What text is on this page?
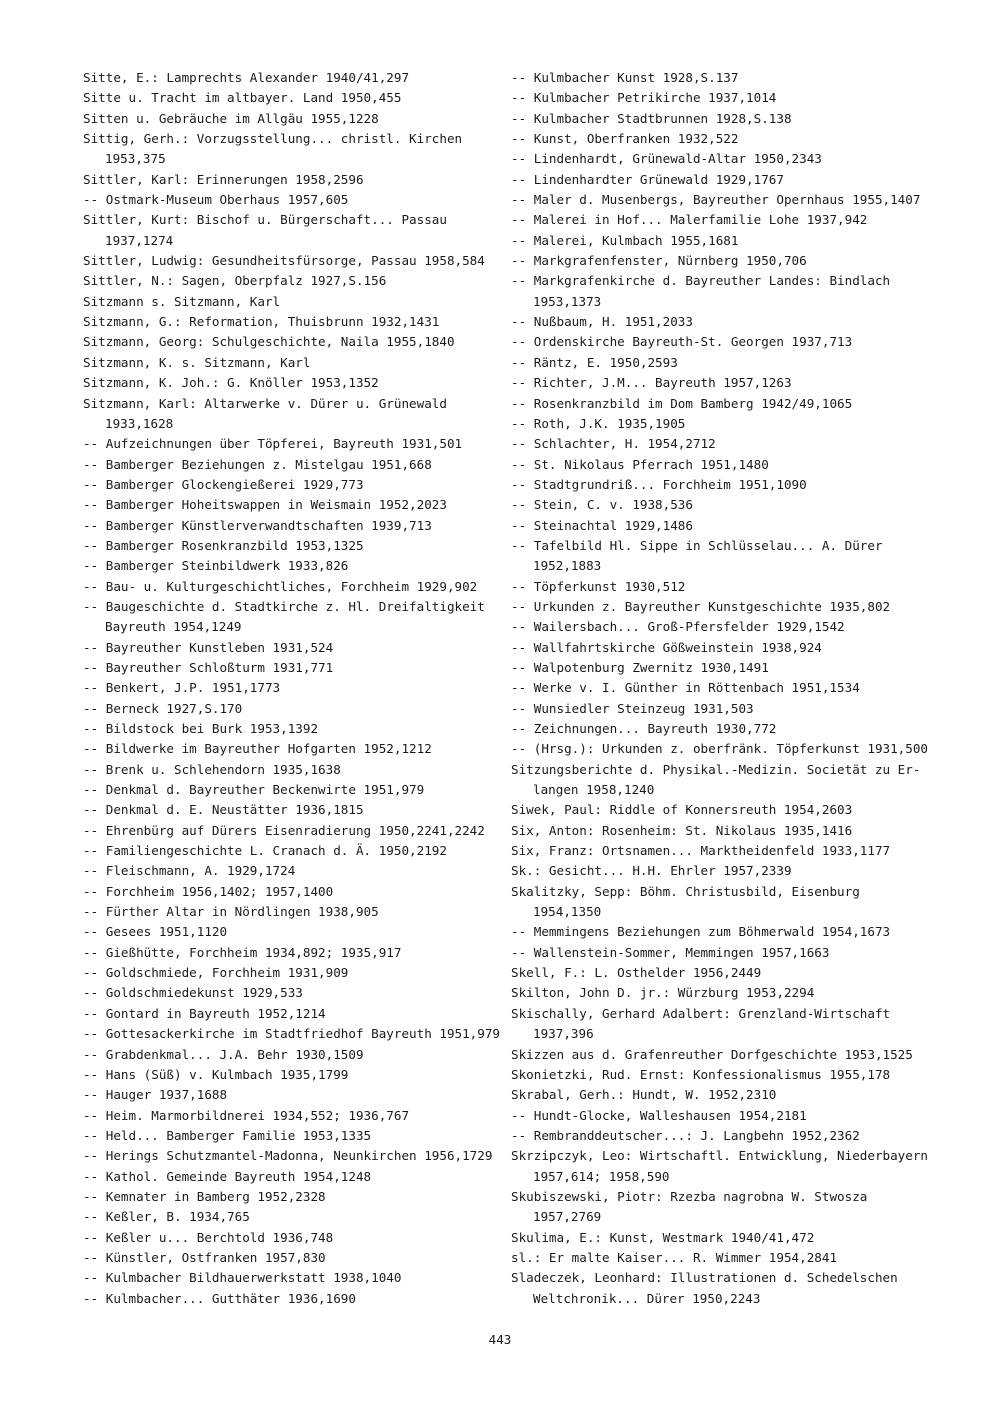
Sitte, E.: Lamprechts Alexander 1940/41,297
Sitte u. Tracht im altbayer. Land 1950,455
Sitten u. Gebräuche im Allgäu 1955,1228
Sittig, Gerh.: Vorzugsstellung... christl. Kirchen
1953,375
Sittler, Karl: Erinnerungen 1958,2596
-- Ostmark-Museum Oberhaus 1957,605
Sittler, Kurt: Bischof u. Bürgerschaft... Passau
1937,1274
Sittler, Ludwig: Gesundheitsfürsorge, Passau 1958,584
Sittler, N.: Sagen, Oberpfalz 1927,S.156
Sitzmann s. Sitzmann, Karl
Sitzmann, G.: Reformation, Thuisbrunn 1932,1431
Sitzmann, Georg: Schulgeschichte, Naila 1955,1840
Sitzmann, K. s. Sitzmann, Karl
Sitzmann, K. Joh.: G. Knöller 1953,1352
Sitzmann, Karl: Altarwerke v. Dürer u. Grünewald
1933,1628
-- Aufzeichnungen über Töpferei, Bayreuth 1931,501
-- Bamberger Beziehungen z. Mistelgau 1951,668
-- Bamberger Glockengießerei 1929,773
-- Bamberger Hoheitswappen in Weismain 1952,2023
-- Bamberger Künstlerverwandtschaften 1939,713
-- Bamberger Rosenkranzbild 1953,1325
-- Bamberger Steinbildwerk 1933,826
-- Bau- u. Kulturgeschichtliches, Forchheim 1929,902
-- Baugeschichte d. Stadtkirche z. Hl. Dreifaltigkeit
Bayreuth 1954,1249
-- Bayreuther Kunstleben 1931,524
-- Bayreuther Schloßturm 1931,771
-- Benkert, J.P. 1951,1773
-- Berneck 1927,S.170
-- Bildstock bei Burk 1953,1392
-- Bildwerke im Bayreuther Hofgarten 1952,1212
-- Brenk u. Schlehendorn 1935,1638
-- Denkmal d. Bayreuther Beckenwirte 1951,979
-- Denkmal d. E. Neustätter 1936,1815
-- Ehrenbürg auf Dürers Eisenradierung 1950,2241,2242
-- Familiengeschichte L. Cranach d. Ä. 1950,2192
-- Fleischmann, A. 1929,1724
-- Forchheim 1956,1402; 1957,1400
-- Fürther Altar in Nördlingen 1938,905
-- Gesees 1951,1120
-- Gießhütte, Forchheim 1934,892; 1935,917
-- Goldschmiede, Forchheim 1931,909
-- Goldschmiedekunst 1929,533
-- Gontard in Bayreuth 1952,1214
-- Gottesackerkirche im Stadtfriedhof Bayreuth 1951,979
-- Grabdenkmal... J.A. Behr 1930,1509
-- Hans (Süß) v. Kulmbach 1935,1799
-- Hauger 1937,1688
-- Heim. Marmorbildnerei 1934,552; 1936,767
-- Held... Bamberger Familie 1953,1335
-- Herings Schutzmantel-Madonna, Neunkirchen 1956,1729
-- Kathol. Gemeinde Bayreuth 1954,1248
-- Kemnater in Bamberg 1952,2328
-- Keßler, B. 1934,765
-- Keßler u... Berchtold 1936,748
-- Künstler, Ostfranken 1957,830
-- Kulmbacher Bildhauerwerkstatt 1938,1040
-- Kulmbacher... Gutthäter 1936,1690
-- Kulmbacher Kunst 1928,S.137
-- Kulmbacher Petrikirche 1937,1014
-- Kulmbacher Stadtbrunnen 1928,S.138
-- Kunst, Oberfranken 1932,522
-- Lindenhardt, Grünewald-Altar 1950,2343
-- Lindenhardter Grünewald 1929,1767
-- Maler d. Musenbergs, Bayreuther Opernhaus 1955,1407
-- Malerei in Hof... Malerfamilie Lohe 1937,942
-- Malerei, Kulmbach 1955,1681
-- Markgrafenfenster, Nürnberg 1950,706
-- Markgrafenkirche d. Bayreuther Landes: Bindlach
1953,1373
-- Nußbaum, H. 1951,2033
-- Ordenskirche Bayreuth-St. Georgen 1937,713
-- Räntz, E. 1950,2593
-- Richter, J.M... Bayreuth 1957,1263
-- Rosenkranzbild im Dom Bamberg 1942/49,1065
-- Roth, J.K. 1935,1905
-- Schlachter, H. 1954,2712
-- St. Nikolaus Pferrach 1951,1480
-- Stadtgrundriß... Forchheim 1951,1090
-- Stein, C. v. 1938,536
-- Steinachtal 1929,1486
-- Tafelbild Hl. Sippe in Schlüsselau... A. Dürer
1952,1883
-- Töpferkunst 1930,512
-- Urkunden z. Bayreuther Kunstgeschichte 1935,802
-- Wailersbach... Groß-Pfersfelder 1929,1542
-- Wallfahrtskirche Gößweinstein 1938,924
-- Walpotenburg Zwernitz 1930,1491
-- Werke v. I. Günther in Röttenbach 1951,1534
-- Wunsiedler Steinzeug 1931,503
-- Zeichnungen... Bayreuth 1930,772
-- (Hrsg.): Urkunden z. oberfränk. Töpferkunst 1931,500
Sitzungsberichte d. Physikal.-Medizin. Societät zu Er-
langen 1958,1240
Siwek, Paul: Riddle of Konnersreuth 1954,2603
Six, Anton: Rosenheim: St. Nikolaus 1935,1416
Six, Franz: Ortsnamen... Marktheidenfeld 1933,1177
Sk.: Gesicht... H.H. Ehrler 1957,2339
Skalitzky, Sepp: Böhm. Christusbild, Eisenburg
1954,1350
-- Memmingens Beziehungen zum Böhmerwald 1954,1673
-- Wallenstein-Sommer, Memmingen 1957,1663
Skell, F.: L. Osthelder 1956,2449
Skilton, John D. jr.: Würzburg 1953,2294
Skischally, Gerhard Adalbert: Grenzland-Wirtschaft
1937,396
Skizzen aus d. Grafenreuther Dorfgeschichte 1953,1525
Skonietzki, Rud. Ernst: Konfessionalismus 1955,178
Skrabal, Gerh.: Hundt, W. 1952,2310
-- Hundt-Glocke, Walleshausen 1954,2181
-- Rembranddeutscher...: J. Langbehn 1952,2362
Skrzipczyk, Leo: Wirtschaftl. Entwicklung, Niederbayern
1957,614; 1958,590
Skubiszewski, Piotr: Rzezba nagrobna W. Stwosza
1957,2769
Skulima, E.: Kunst, Westmark 1940/41,472
sl.: Er malte Kaiser... R. Wimmer 1954,2841
Sladeczek, Leonhard: Illustrationen d. Schedelschen
Weltchronik... Dürer 1950,2243
443
